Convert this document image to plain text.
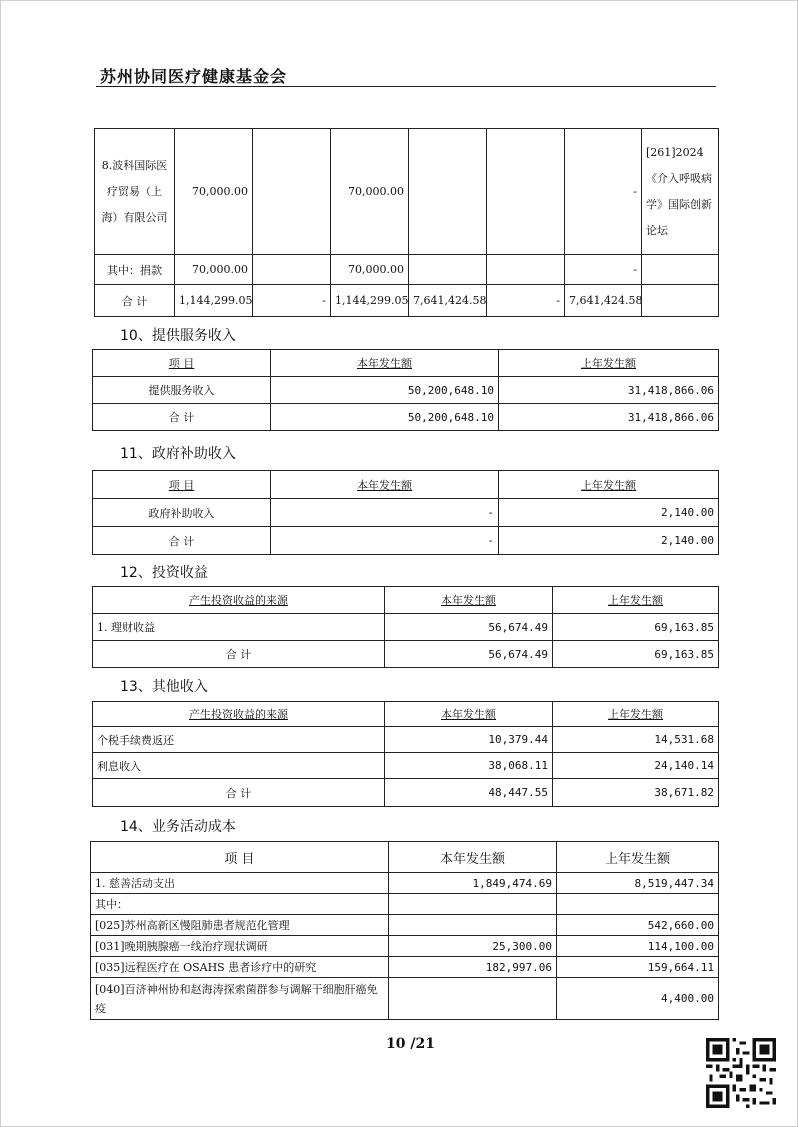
苏州协同医疗健康基金会
8.波科国际医疗贸易（上海）有限公司	70,000.00		70,000.00			-	[261]2024《介入呼吸病学》国际创新论坛
其中：捐款	70,000.00		70,000.00			-	
合 计	1,144,299.05	-	1,144,299.05	7,641,424.58	-	7,641,424.58	
10、提供服务收入
项 目	本年发生额	上年发生额
提供服务收入	50,200,648.10	31,418,866.06
合 计	50,200,648.10	31,418,866.06
11、政府补助收入
项 目	本年发生额	上年发生额
政府补助收入	-	2,140.00
合 计	-	2,140.00
12、投资收益
产生投资收益的来源	本年发生额	上年发生额
1. 理财收益	56,674.49	69,163.85
合 计	56,674.49	69,163.85
13、其他收入
产生投资收益的来源	本年发生额	上年发生额
个税手续费返还	10,379.44	14,531.68
利息收入	38,068.11	24,140.14
合 计	48,447.55	38,671.82
14、业务活动成本
项 目	本年发生额	上年发生额
1. 慈善活动支出	1,849,474.69	8,519,447.34
其中：		
[025]苏州高新区慢阻肺患者规范化管理		542,660.00
[031]晚期胰腺癌一线治疗现状调研	25,300.00	114,100.00
[035]远程医疗在 OSAHS 患者诊疗中的研究	182,997.06	159,664.11
[040]百济神州协和赵海涛探索菌群参与调解干细胞肝癌免疫		4,400.00
10 /21
